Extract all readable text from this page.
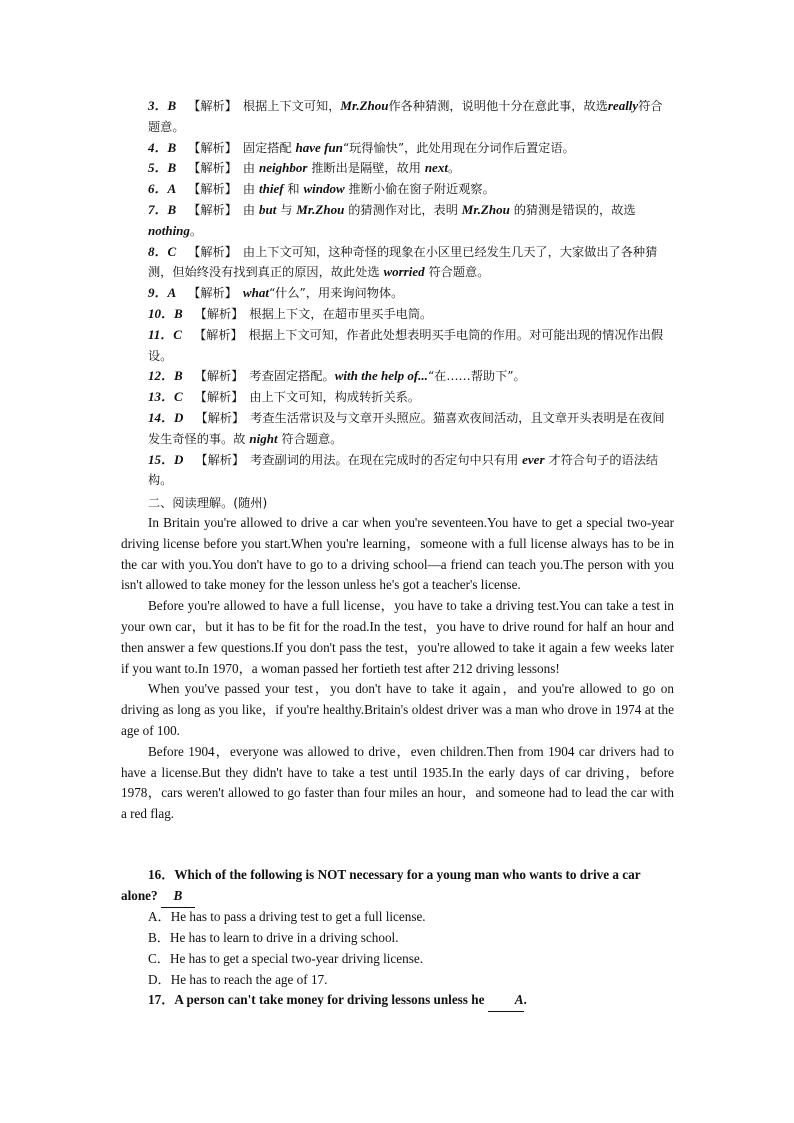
3．B 【解析】 根据上下文可知，Mr.Zhou作各种猜测，说明他十分在意此事，故选really符合题意。

4．B 【解析】 固定搭配 have fun“玩得愉快”，此处用现在分词作后置定语。

5．B 【解析】 由 neighbor 推断出是隔壁，故用 next。

6．A 【解析】 由 thief 和 window 推断小偷在窗子附近观察。

7．B 【解析】 由 but 与 Mr.Zhou 的猜测作对比，表明 Mr.Zhou 的猜测是错误的，故选 nothing。

8．C 【解析】 由上下文可知，这种奇怪的现象在小区里已经发生几天了，大家做出了各种猜测，但始终没有找到真正的原因，故此处选 worried 符合题意。

9．A 【解析】 what“什么”，用来询问物体。

10．B 【解析】 根据上下文，在超市里买手电筒。

11．C 【解析】 根据上下文可知，作者此处想表明买手电筒的作用。对可能出现的情况作出假设。

12．B 【解析】 考查固定搭配。with the help of...“在……帮助下”。

13．C 【解析】 由上下文可知，构成转折关系。

14．D 【解析】 考查生活常识及与文章开头照应。猫喜欢夜间活动，且文章开头表明是在夜间发生奇怪的事。故 night 符合题意。

15．D 【解析】 考查副词的用法。在现在完成时的否定句中只有用 ever 才符合句子的语法结构。

二、阅读理解。(随州)

In Britain you're allowed to drive a car when you're seventeen.You have to get a special two-year driving license before you start.When you're learning，someone with a full license always has to be in the car with you.You don't have to go to a driving school—a friend can teach you.The person with you isn't allowed to take money for the lesson unless he's got a teacher's license.

Before you're allowed to have a full license，you have to take a driving test.You can take a test in your own car，but it has to be fit for the road.In the test，you have to drive round for half an hour and then answer a few questions.If you don't pass the test，you're allowed to take it again a few weeks later if you want to.In 1970，a woman passed her fortieth test after 212 driving lessons!

When you've passed your test，you don't have to take it again，and you're allowed to go on driving as long as you like，if you're healthy.Britain's oldest driver was a man who drove in 1974 at the age of 100.

Before 1904，everyone was allowed to drive，even children.Then from 1904 car drivers had to have a license.But they didn't have to take a test until 1935.In the early days of car driving，before 1978，cars weren't allowed to go faster than four miles an hour，and someone had to lead the car with a red flag.

16．Which of the following is NOT necessary for a young man who wants to drive a car

alone? B

A．He has to pass a driving test to get a full license.

B．He has to learn to drive in a driving school.

C．He has to get a special two-year driving license.

D．He has to reach the age of 17.

17．A person can't take money for driving lessons unless he A.
